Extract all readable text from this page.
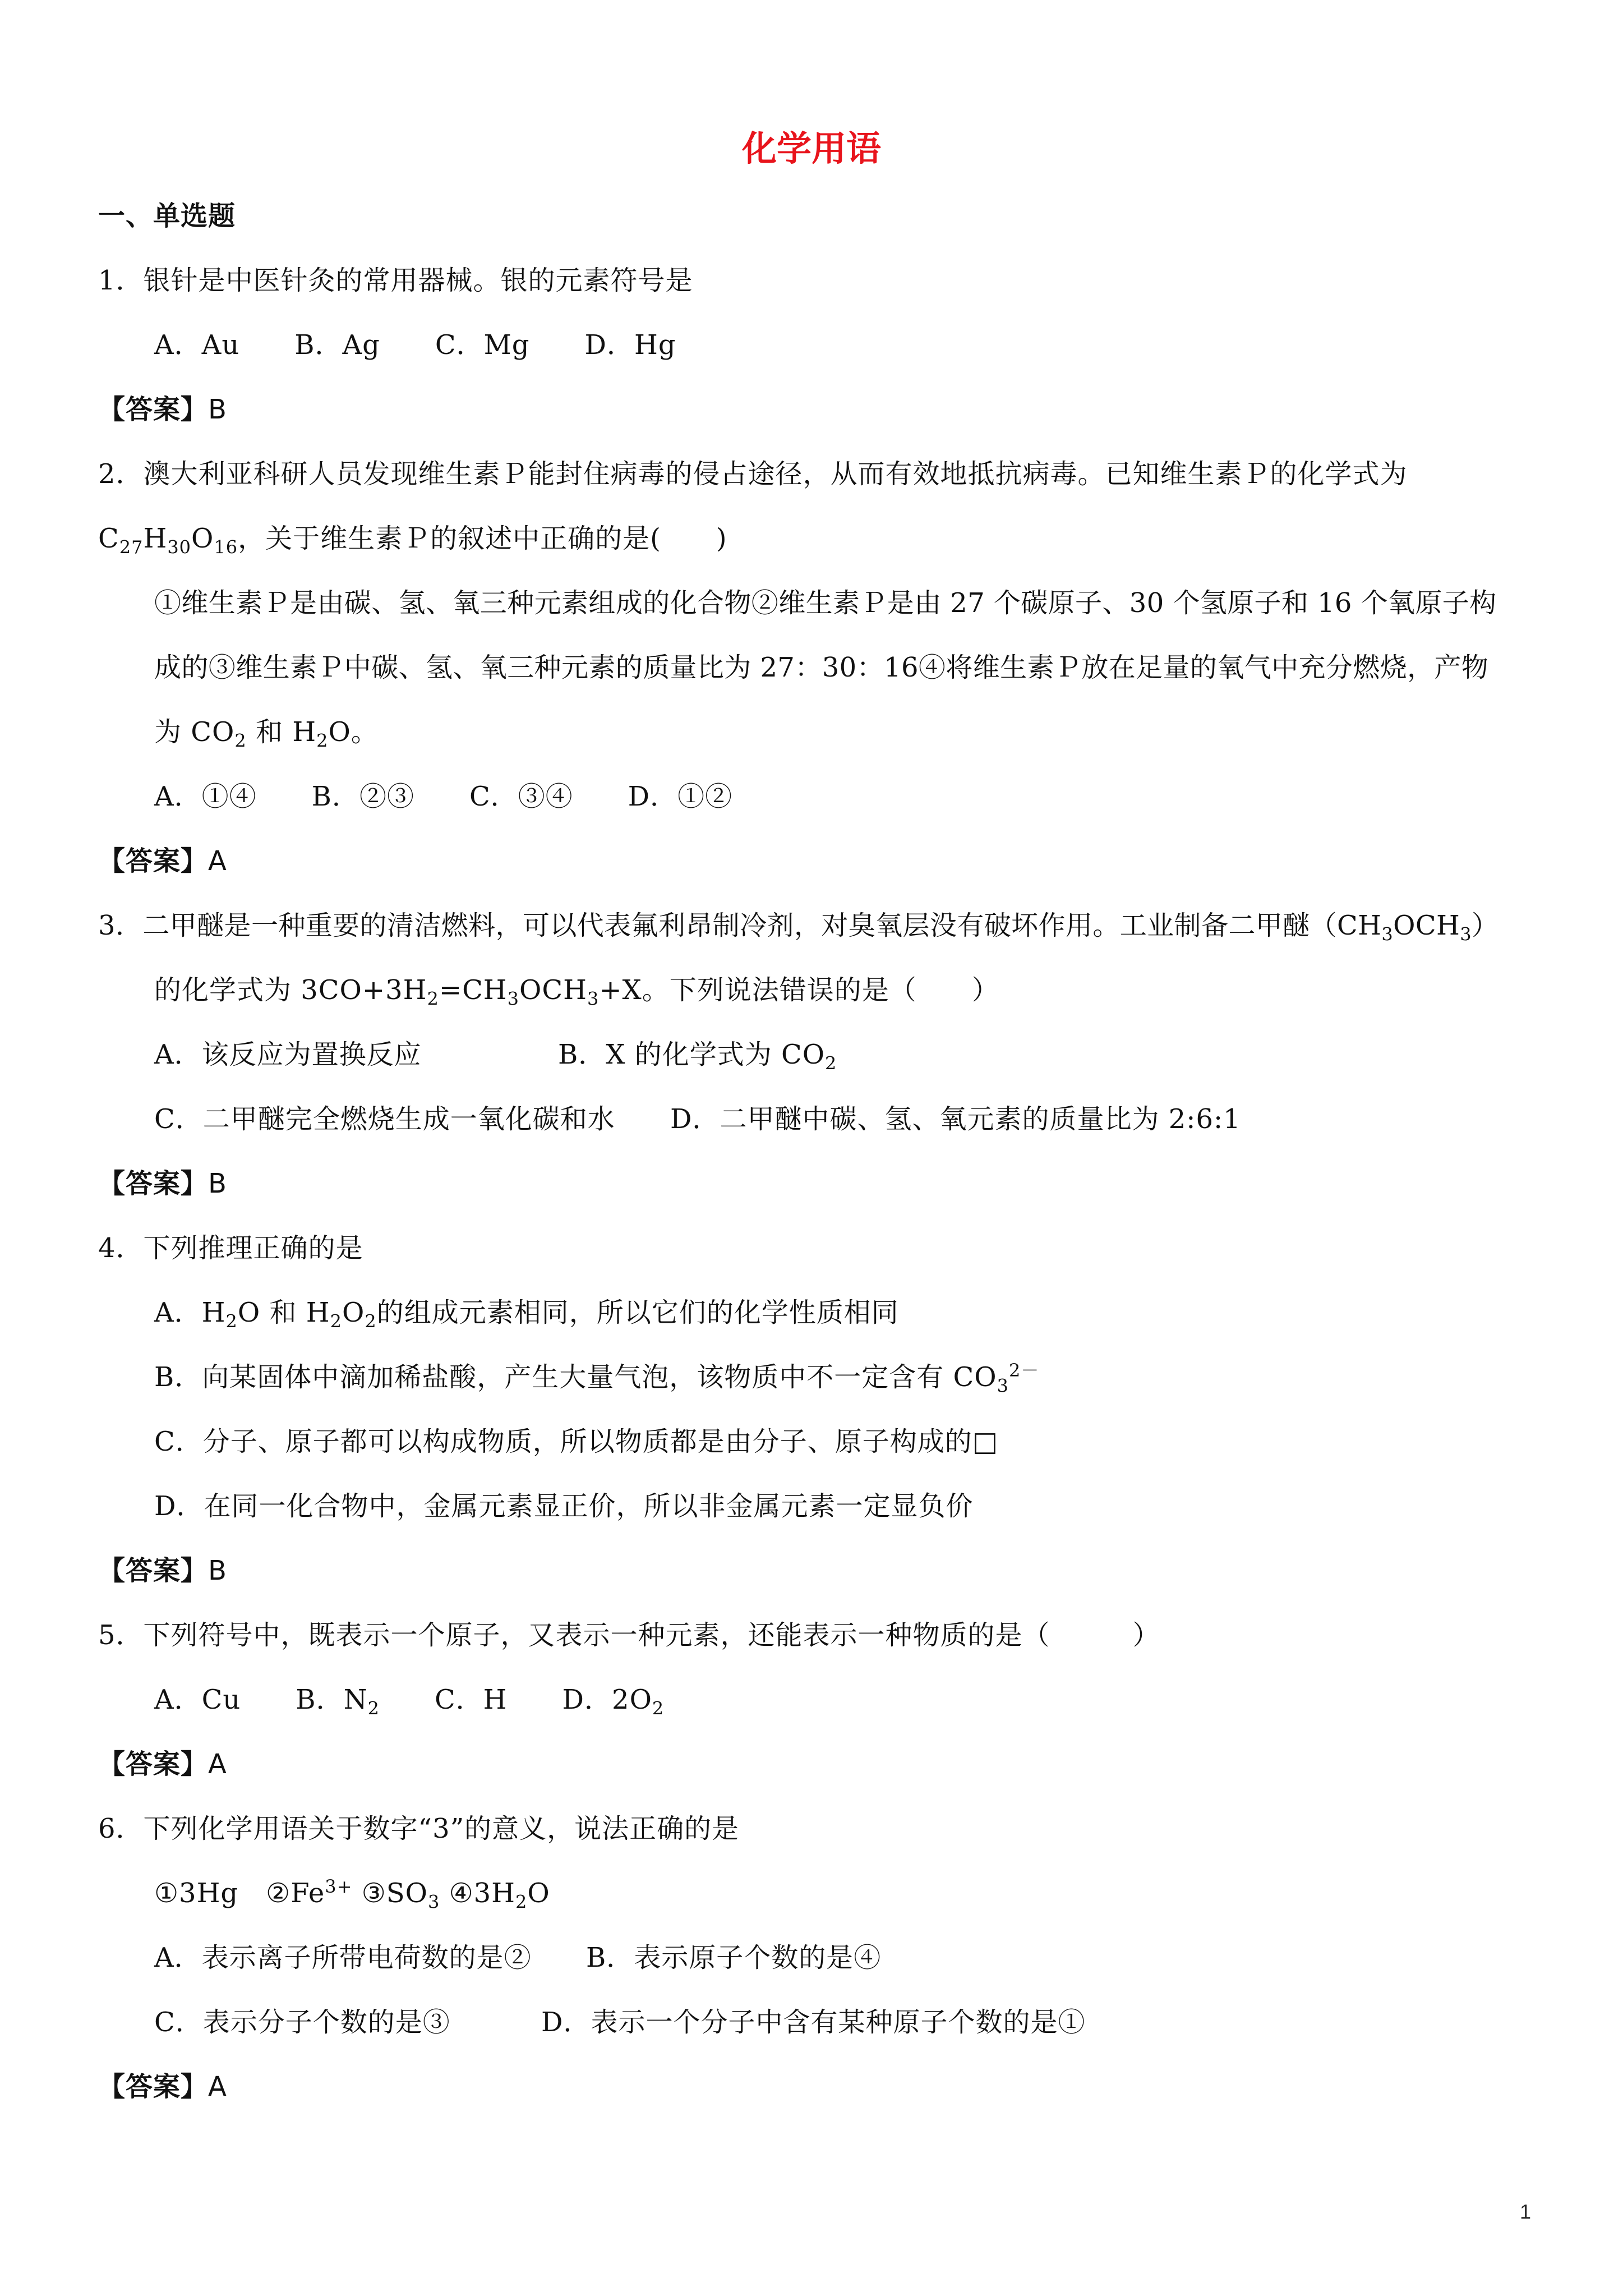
化学用语
一、单选题
1．银针是中医针灸的常用器械。银的元素符号是
A．Au　　B．Ag　　C．Mg　　D．Hg
【答案】B
2．澳大利亚科研人员发现维生素Ｐ能封住病毒的侵占途径，从而有效地抵抗病毒。已知维生素Ｐ的化学式为
$C_{27}H_{30}O_{16}$，关于维生素Ｐ的叙述中正确的是(　　)
①维生素Ｐ是由碳、氢、氧三种元素组成的化合物②维生素Ｐ是由 27 个碳原子、30 个氢原子和 16 个氧原子构
成的③维生素Ｐ中碳、氢、氧三种元素的质量比为 27：30：16④将维生素Ｐ放在足量的氧气中充分燃烧，产物
为 $CO_2$ 和 $H_2O$。
A．①④　　B．②③　　C．③④　　D．①②
【答案】A
3．二甲醚是一种重要的清洁燃料，可以代表氟利昂制冷剂，对臭氧层没有破坏作用。工业制备二甲醚$(CH_3OCH_3)$
的化学式为 $3CO+3H_2=CH_3OCH_3+X$。下列说法错误的是（　　）
A．该反应为置换反应	B．X 的化学式为 $CO_2$
C．二甲醚完全燃烧生成一氧化碳和水 D．二甲醚中碳、氢、氧元素的质量比为 2:6:1
【答案】B
4．下列推理正确的是
A．$H_2O$ 和 $H_2O_2$的组成元素相同，所以它们的化学性质相同
B．向某固体中滴加稀盐酸，产生大量气泡，该物质中不一定含有 $CO_3^{2-}$
C．分子、原子都可以构成物质，所以物质都是由分子、原子构成的□
D．在同一化合物中，金属元素显正价，所以非金属元素一定显负价
【答案】B
5．下列符号中，既表示一个原子，又表示一种元素，还能表示一种物质的是（　　　）
A．Cu　　B．$N_2$　　C．H　　D．$2O_2$
【答案】A
6．下列化学用语关于数字“3”的意义，说法正确的是
①3Hg　$②Fe^{3+}$ $③SO_3$ $④3H_2O$
A．表示离子所带电荷数的是② B．表示原子个数的是④
C．表示分子个数的是③	D．表示一个分子中含有某种原子个数的是①
【答案】A
1
